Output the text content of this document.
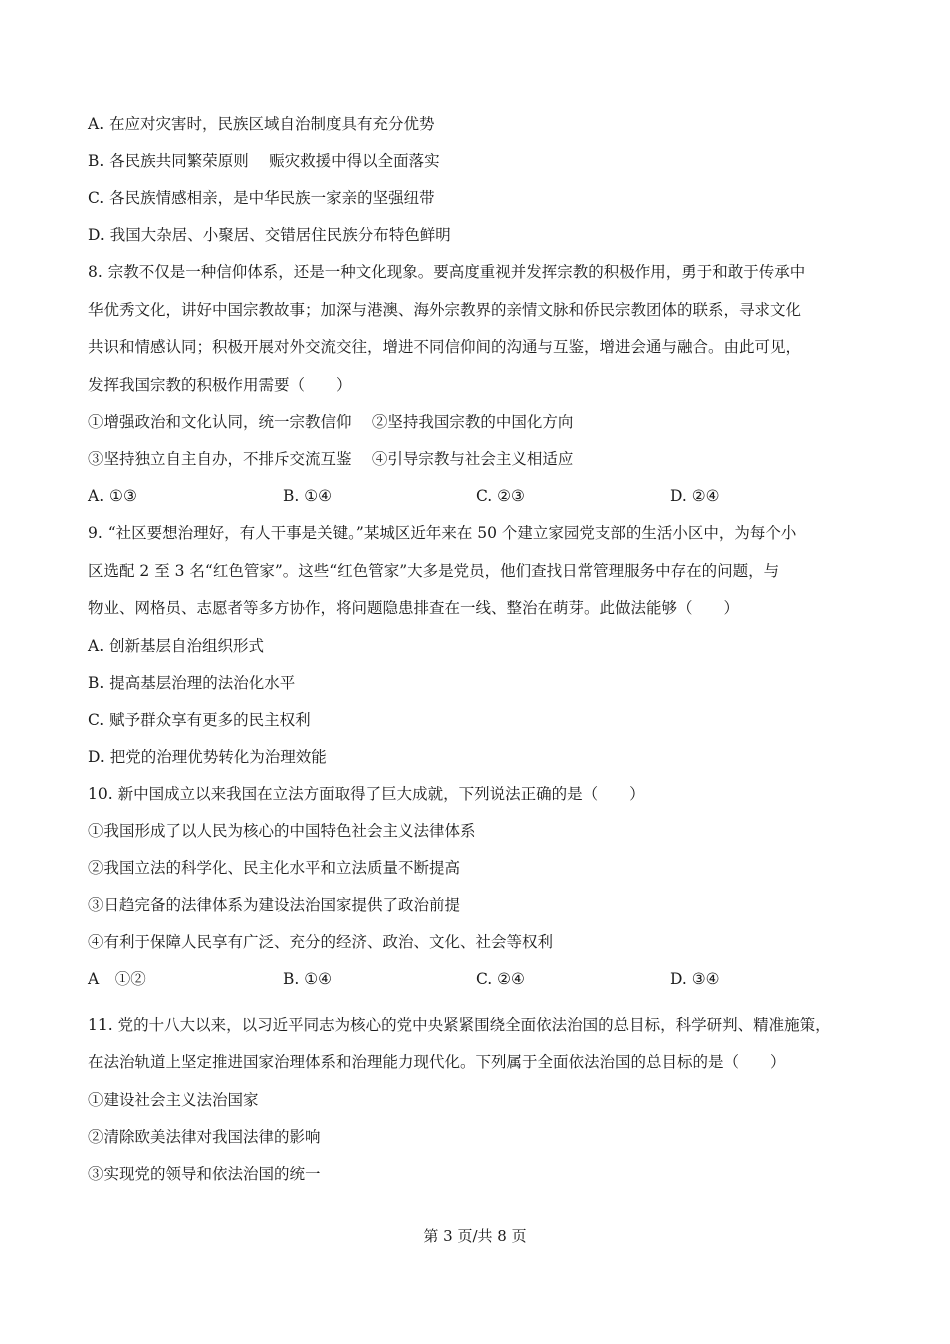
A. 在应对灾害时，民族区域自治制度具有充分优势
B. 各民族共同繁荣原则　 赈灾救援中得以全面落实
C. 各民族情感相亲，是中华民族一家亲的坚强纽带
D. 我国大杂居、小聚居、交错居住民族分布特色鲜明
8. 宗教不仅是一种信仰体系，还是一种文化现象。要高度重视并发挥宗教的积极作用，勇于和敢于传承中
华优秀文化，讲好中国宗教故事；加深与港澳、海外宗教界的亲情文脉和侨民宗教团体的联系，寻求文化
共识和情感认同；积极开展对外交流交往，增进不同信仰间的沟通与互鉴，增进会通与融合。由此可见，
发挥我国宗教的积极作用需要（　　）
①增强政治和文化认同，统一宗教信仰　 ②坚持我国宗教的中国化方向
③坚持独立自主自办，不排斥交流互鉴　 ④引导宗教与社会主义相适应
A. ①③	B. ①④	C. ②③	D. ②④
9. “社区要想治理好，有人干事是关键。”某城区近年来在 50 个建立家园党支部的生活小区中，为每个小
区选配 2 至 3 名“红色管家”。这些“红色管家”大多是党员，他们查找日常管理服务中存在的问题，与
物业、网格员、志愿者等多方协作，将问题隐患排查在一线、整治在萌芽。此做法能够（　　）
A. 创新基层自治组织形式
B. 提高基层治理的法治化水平
C. 赋予群众享有更多的民主权利
D. 把党的治理优势转化为治理效能
10. 新中国成立以来我国在立法方面取得了巨大成就，下列说法正确的是（　　）
①我国形成了以人民为核心的中国特色社会主义法律体系
②我国立法的科学化、民主化水平和立法质量不断提高
③日趋完备的法律体系为建设法治国家提供了政治前提
④有利于保障人民享有广泛、充分的经济、政治、文化、社会等权利
A　①②	B. ①④	C. ②④	D. ③④
11. 党的十八大以来，以习近平同志为核心的党中央紧紧围绕全面依法治国的总目标，科学研判、精准施策，
在法治轨道上坚定推进国家治理体系和治理能力现代化。下列属于全面依法治国的总目标的是（　　）
①建设社会主义法治国家
②清除欧美法律对我国法律的影响
③实现党的领导和依法治国的统一
第 3 页/共 8 页
